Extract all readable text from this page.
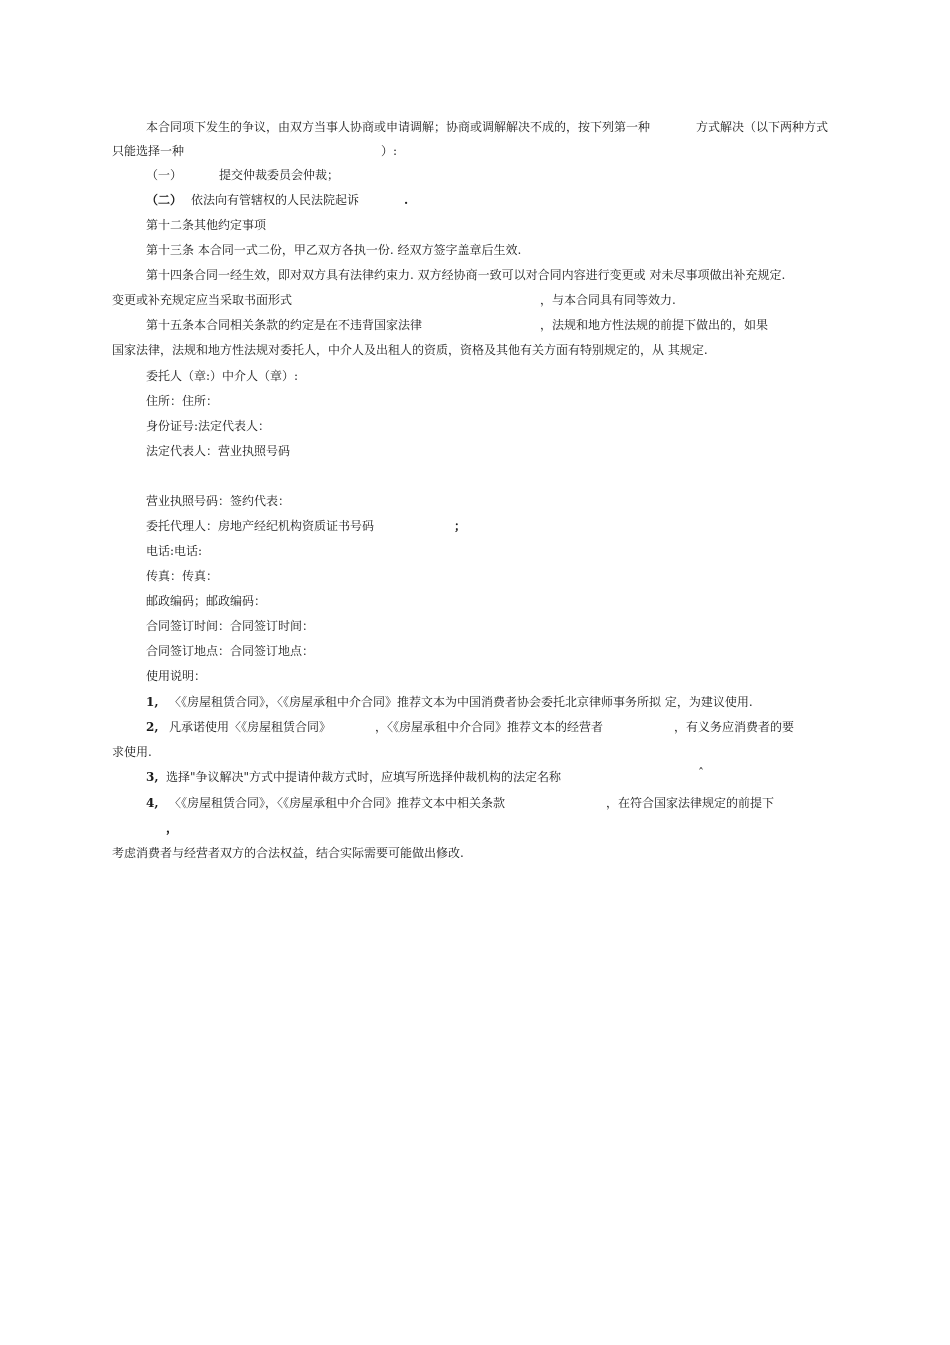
本合同项下发生的争议，由双方当事人协商或申请调解；协商或调解解决不成的，按下列第一种	方式解决（以下两种方式
只能选择一种	）:
（一）	提交仲裁委员会仲裁；
（二） 依法向有管辖权的人民法院起诉	.
第十二条其他约定事项
第十三条 本合同一式二份，甲乙双方各执一份. 经双方签字盖章后生效.
第十四条合同一经生效，即对双方具有法律约束力. 双方经协商一致可以对合同内容进行变更或 对未尽事项做出补充规定.
变更或补充规定应当采取书面形式	，与本合同具有同等效力.
第十五条本合同相关条款的约定是在不违背国家法律	，法规和地方性法规的前提下做出的，如果
国家法律，法规和地方性法规对委托人，中介人及出租人的资质，资格及其他有关方面有特别规定的，从 其规定.
委托人（章:）中介人（章）:
住所：住所：
身份证号:法定代表人：
法定代表人：营业执照号码
营业执照号码：签约代表：
委托代理人：房地产经纪机构资质证书号码	；
电话:电话:
传真：传真：
邮政编码；邮政编码：
合同签订时间：合同签订时间：
合同签订地点：合同签订地点：
使用说明：
1, 〈《房屋租赁合同》，〈《房屋承租中介合同》推荐文本为中国消费者协会委托北京律师事务所拟 定，为建议使用.
2, 凡承诺使用〈《房屋租赁合同》	，〈《房屋承租中介合同》推荐文本的经营者	，有义务应消费者的要
求使用.
3, 选择"争议解决"方式中提请仲裁方式时，应填写所选择仲裁机构的法定名称	ˆ
4, 〈《房屋租赁合同》，〈《房屋承租中介合同》推荐文本中相关条款	，在符合国家法律规定的前提下
，
考虑消费者与经营者双方的合法权益，结合实际需要可能做出修改.
